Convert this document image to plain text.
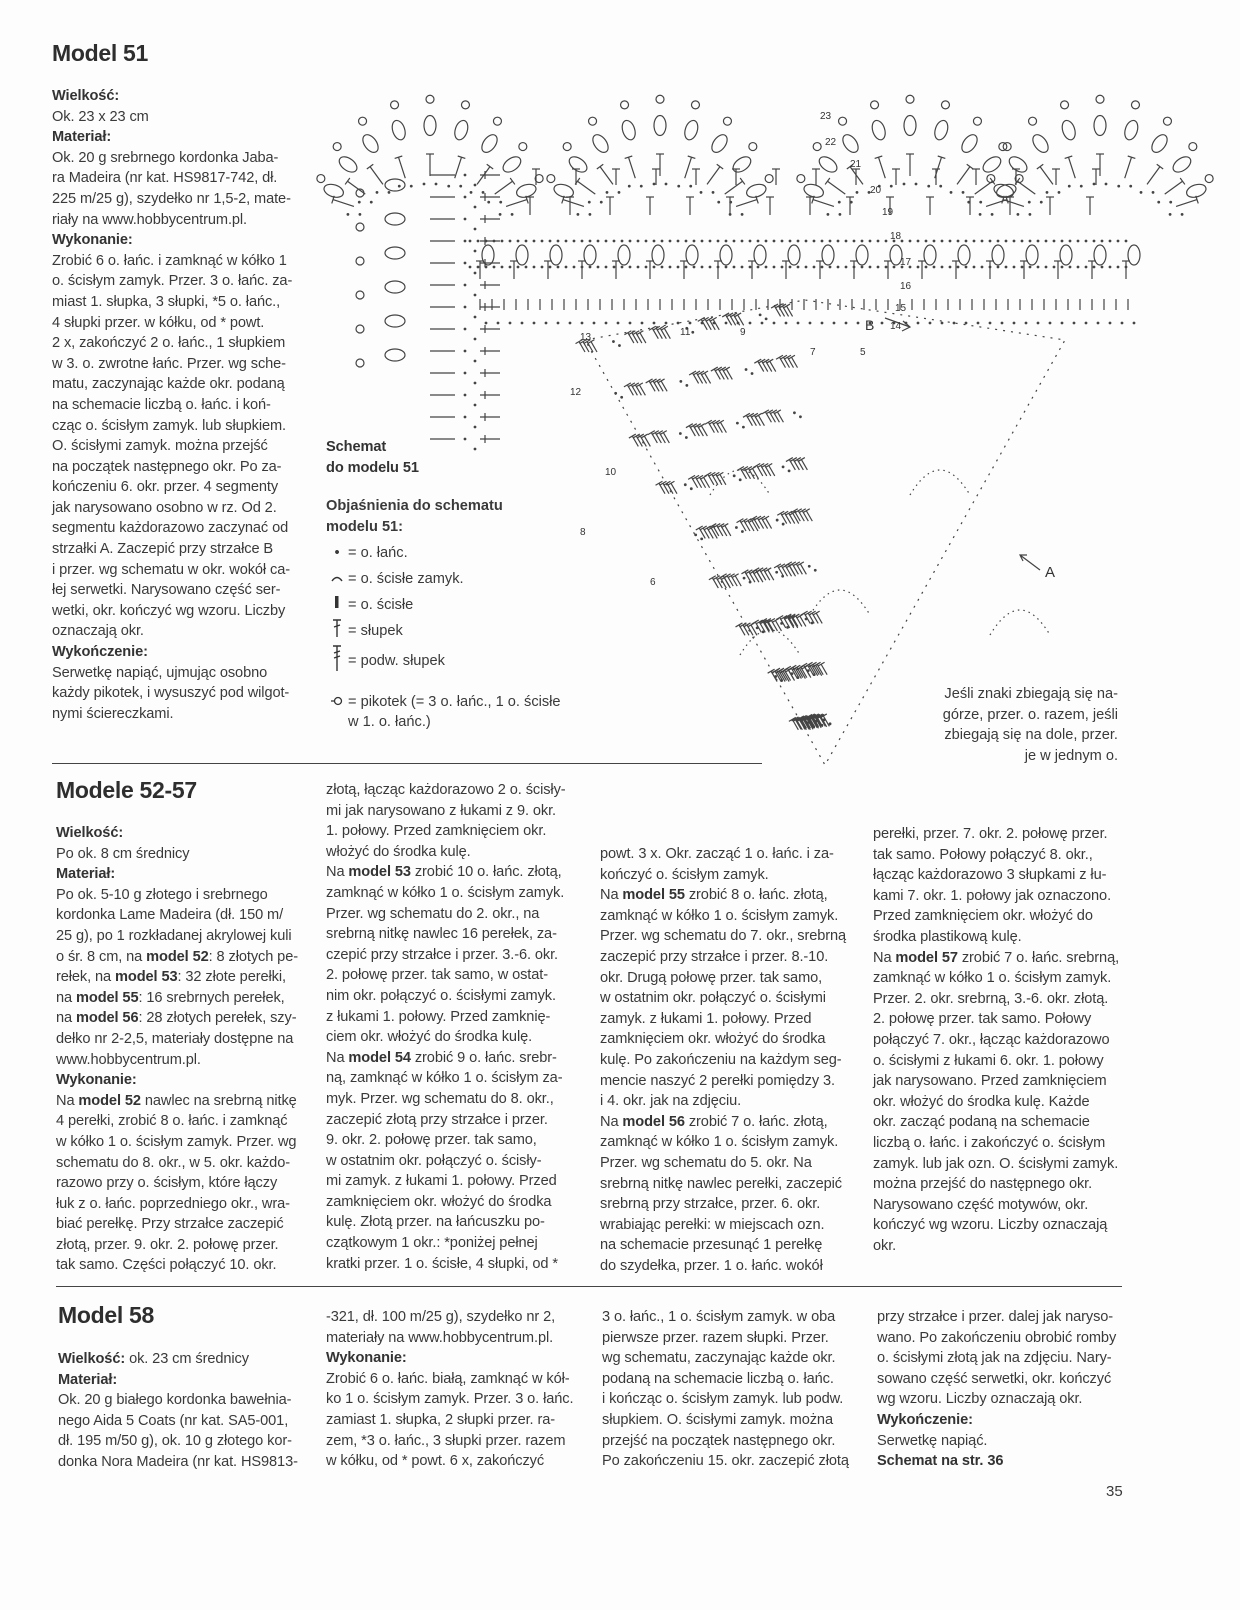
Model 51

Wielkość:

Ok. 23 x 23 cm

Materiał:

Ok. 20 g srebrnego kordonka Jaba-

ra Madeira (nr kat. HS9817-742, dł.

225 m/25 g), szydełko nr 1,5-2, mate-

riały na www.hobbycentrum.pl.

Wykonanie:

Zrobić 6 o. łańc. i zamknąć w kółko 1

o. ścisłym zamyk. Przer. 3 o. łańc. za-

miast 1. słupka, 3 słupki, *5 o. łańc.,

4 słupki przer. w kółku, od * powt.

2 x, zakończyć 2 o. łańc., 1 słupkiem

w 3. o. zwrotne łańc. Przer. wg sche-

matu, zaczynając każde okr. podaną

na schemacie liczbą o. łańc. i koń-

cząc o. ścisłym zamyk. lub słupkiem.

O. ścisłymi zamyk. można przejść

na początek następnego okr. Po za-

kończeniu 6. okr. przer. 4 segmenty

jak narysowano osobno w rz. Od 2.

segmentu każdorazowo zaczynać od

strzałki A. Zaczepić przy strzałce B

i przer. wg schematu w okr. wokół ca-

łej serwetki. Narysowano część ser-

wetki, okr. kończyć wg wzoru. Liczby

oznaczają okr.

Wykończenie:

Serwetkę napiąć, ujmując osobno

każdy pikotek, i wysuszyć pod wilgot-

nymi ściereczkami.

A
B
23
22
21
20
19
18
17
16
15
14
13
12
11
10
9
8
7
6
5

Schemat

do modelu 51

Objaśnienia do schematu
modelu 51:
• = o. łańc.
= o. ścisłe zamyk.
= o. ścisłe
= słupek
= podw. słupek
= pikotek (= 3 o. łańc., 1 o. ścisłe
w 1. o. łańc.)
Jeśli znaki zbiegają się na-
górze, przer. o. razem, jeśli
zbiegają się na dole, przer.
je w jednym o.
Modele 52-57

Wielkość:

Po ok. 8 cm średnicy

Materiał:

Po ok. 5-10 g złotego i srebrnego

kordonka Lame Madeira (dł. 150 m/

25 g), po 1 rozkładanej akrylowej kuli

o śr. 8 cm, na model 52: 8 złotych pe-

rełek, na model 53: 32 złote perełki,

na model 55: 16 srebrnych perełek,

na model 56: 28 złotych perełek, szy-

dełko nr 2-2,5, materiały dostępne na

www.hobbycentrum.pl.

Wykonanie:

Na model 52 nawlec na srebrną nitkę

4 perełki, zrobić 8 o. łańc. i zamknąć

w kółko 1 o. ścisłym zamyk. Przer. wg

schematu do 8. okr., w 5. okr. każdo-

razowo przy o. ścisłym, które łączy

łuk z o. łańc. poprzedniego okr., wra-

biać perełkę. Przy strzałce zaczepić

złotą, przer. 9. okr. 2. połowę przer.

tak samo. Części połączyć 10. okr.

złotą, łącząc każdorazowo 2 o. ścisły-

mi jak narysowano z łukami z 9. okr.

1. połowy. Przed zamknięciem okr.

włożyć do środka kulę.

Na model 53 zrobić 10 o. łańc. złotą,

zamknąć w kółko 1 o. ścisłym zamyk.

Przer. wg schematu do 2. okr., na

srebrną nitkę nawlec 16 perełek, za-

czepić przy strzałce i przer. 3.-6. okr.

2. połowę przer. tak samo, w ostat-

nim okr. połączyć o. ścisłymi zamyk.

z łukami 1. połowy. Przed zamknię-

ciem okr. włożyć do środka kulę.

Na model 54 zrobić 9 o. łańc. srebr-

ną, zamknąć w kółko 1 o. ścisłym za-

myk. Przer. wg schematu do 8. okr.,

zaczepić złotą przy strzałce i przer.

9. okr. 2. połowę przer. tak samo,

w ostatnim okr. połączyć o. ścisły-

mi zamyk. z łukami 1. połowy. Przed

zamknięciem okr. włożyć do środka

kulę. Złotą przer. na łańcuszku po-

czątkowym 1 okr.: *poniżej pełnej

kratki przer. 1 o. ścisłe, 4 słupki, od *

powt. 3 x. Okr. zacząć 1 o. łańc. i za-

kończyć o. ścisłym zamyk.

Na model 55 zrobić 8 o. łańc. złotą,

zamknąć w kółko 1 o. ścisłym zamyk.

Przer. wg schematu do 7. okr., srebrną

zaczepić przy strzałce i przer. 8.-10.

okr. Drugą połowę przer. tak samo,

w ostatnim okr. połączyć o. ścisłymi

zamyk. z łukami 1. połowy. Przed

zamknięciem okr. włożyć do środka

kulę. Po zakończeniu na każdym seg-

mencie naszyć 2 perełki pomiędzy 3.

i 4. okr. jak na zdjęciu.

Na model 56 zrobić 7 o. łańc. złotą,

zamknąć w kółko 1 o. ścisłym zamyk.

Przer. wg schematu do 5. okr. Na

srebrną nitkę nawlec perełki, zaczepić

srebrną przy strzałce, przer. 6. okr.

wrabiając perełki: w miejscach ozn.

na schemacie przesunąć 1 perełkę

do szydełka, przer. 1 o. łańc. wokół

perełki, przer. 7. okr. 2. połowę przer.

tak samo. Połowy połączyć 8. okr.,

łącząc każdorazowo 3 słupkami z łu-

kami 7. okr. 1. połowy jak oznaczono.

Przed zamknięciem okr. włożyć do

środka plastikową kulę.

Na model 57 zrobić 7 o. łańc. srebrną,

zamknąć w kółko 1 o. ścisłym zamyk.

Przer. 2. okr. srebrną, 3.-6. okr. złotą.

2. połowę przer. tak samo. Połowy

połączyć 7. okr., łącząc każdorazowo

o. ścisłymi z łukami 6. okr. 1. połowy

jak narysowano. Przed zamknięciem

okr. włożyć do środka kulę. Każde

okr. zacząć podaną na schemacie

liczbą o. łańc. i zakończyć o. ścisłym

zamyk. lub jak ozn. O. ścisłymi zamyk.

można przejść do następnego okr.

Narysowano część motywów, okr.

kończyć wg wzoru. Liczby oznaczają

okr.

Model 58

Wielkość: ok. 23 cm średnicy

Materiał:

Ok. 20 g białego kordonka bawełnia-

nego Aida 5 Coats (nr kat. SA5-001,

dł. 195 m/50 g), ok. 10 g złotego kor-

donka Nora Madeira (nr kat. HS9813-

-321, dł. 100 m/25 g), szydełko nr 2,

materiały na www.hobbycentrum.pl.

Wykonanie:

Zrobić 6 o. łańc. białą, zamknąć w kół-

ko 1 o. ścisłym zamyk. Przer. 3 o. łańc.

zamiast 1. słupka, 2 słupki przer. ra-

zem, *3 o. łańc., 3 słupki przer. razem

w kółku, od * powt. 6 x, zakończyć

3 o. łańc., 1 o. ścisłym zamyk. w oba

pierwsze przer. razem słupki. Przer.

wg schematu, zaczynając każde okr.

podaną na schemacie liczbą o. łańc.

i kończąc o. ścisłym zamyk. lub podw.

słupkiem. O. ścisłymi zamyk. można

przejść na początek następnego okr.

Po zakończeniu 15. okr. zaczepić złotą

przy strzałce i przer. dalej jak naryso-

wano. Po zakończeniu obrobić romby

o. ścisłymi złotą jak na zdjęciu. Nary-

sowano część serwetki, okr. kończyć

wg wzoru. Liczby oznaczają okr.

Wykończenie:

Serwetkę napiąć.

Schemat na str. 36

35
